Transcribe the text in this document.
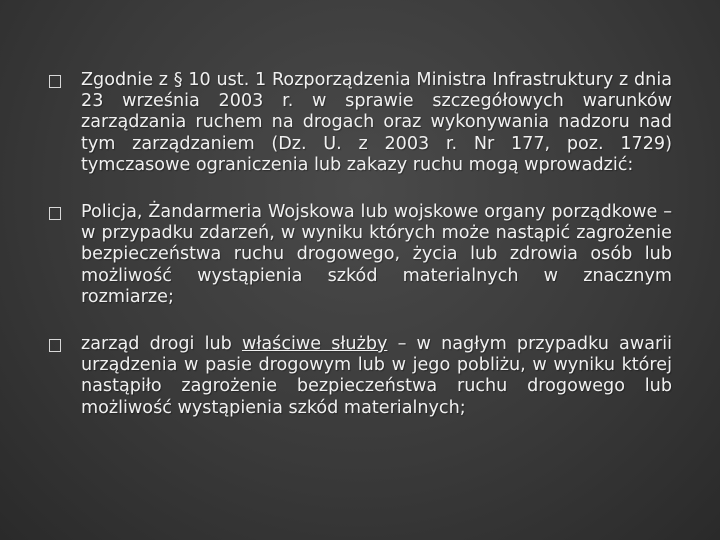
Zgodnie z § 10 ust. 1 Rozporządzenia Ministra Infrastruktury z dnia 23 września 2003 r. w sprawie szczegółowych warunków zarządzania ruchem na drogach oraz wykonywania nadzoru nad tym zarządzaniem (Dz. U. z 2003 r. Nr 177, poz. 1729) tymczasowe ograniczenia lub zakazy ruchu mogą wprowadzić:
Policja, Żandarmeria Wojskowa lub wojskowe organy porządkowe – w przypadku zdarzeń, w wyniku których może nastąpić zagrożenie bezpieczeństwa ruchu drogowego, życia lub zdrowia osób lub możliwość wystąpienia szkód materialnych w znacznym rozmiarze;
zarząd drogi lub właściwe służby – w nagłym przypadku awarii urządzenia w pasie drogowym lub w jego pobliżu, w wyniku której nastąpiło zagrożenie bezpieczeństwa ruchu drogowego lub możliwość wystąpienia szkód materialnych;
